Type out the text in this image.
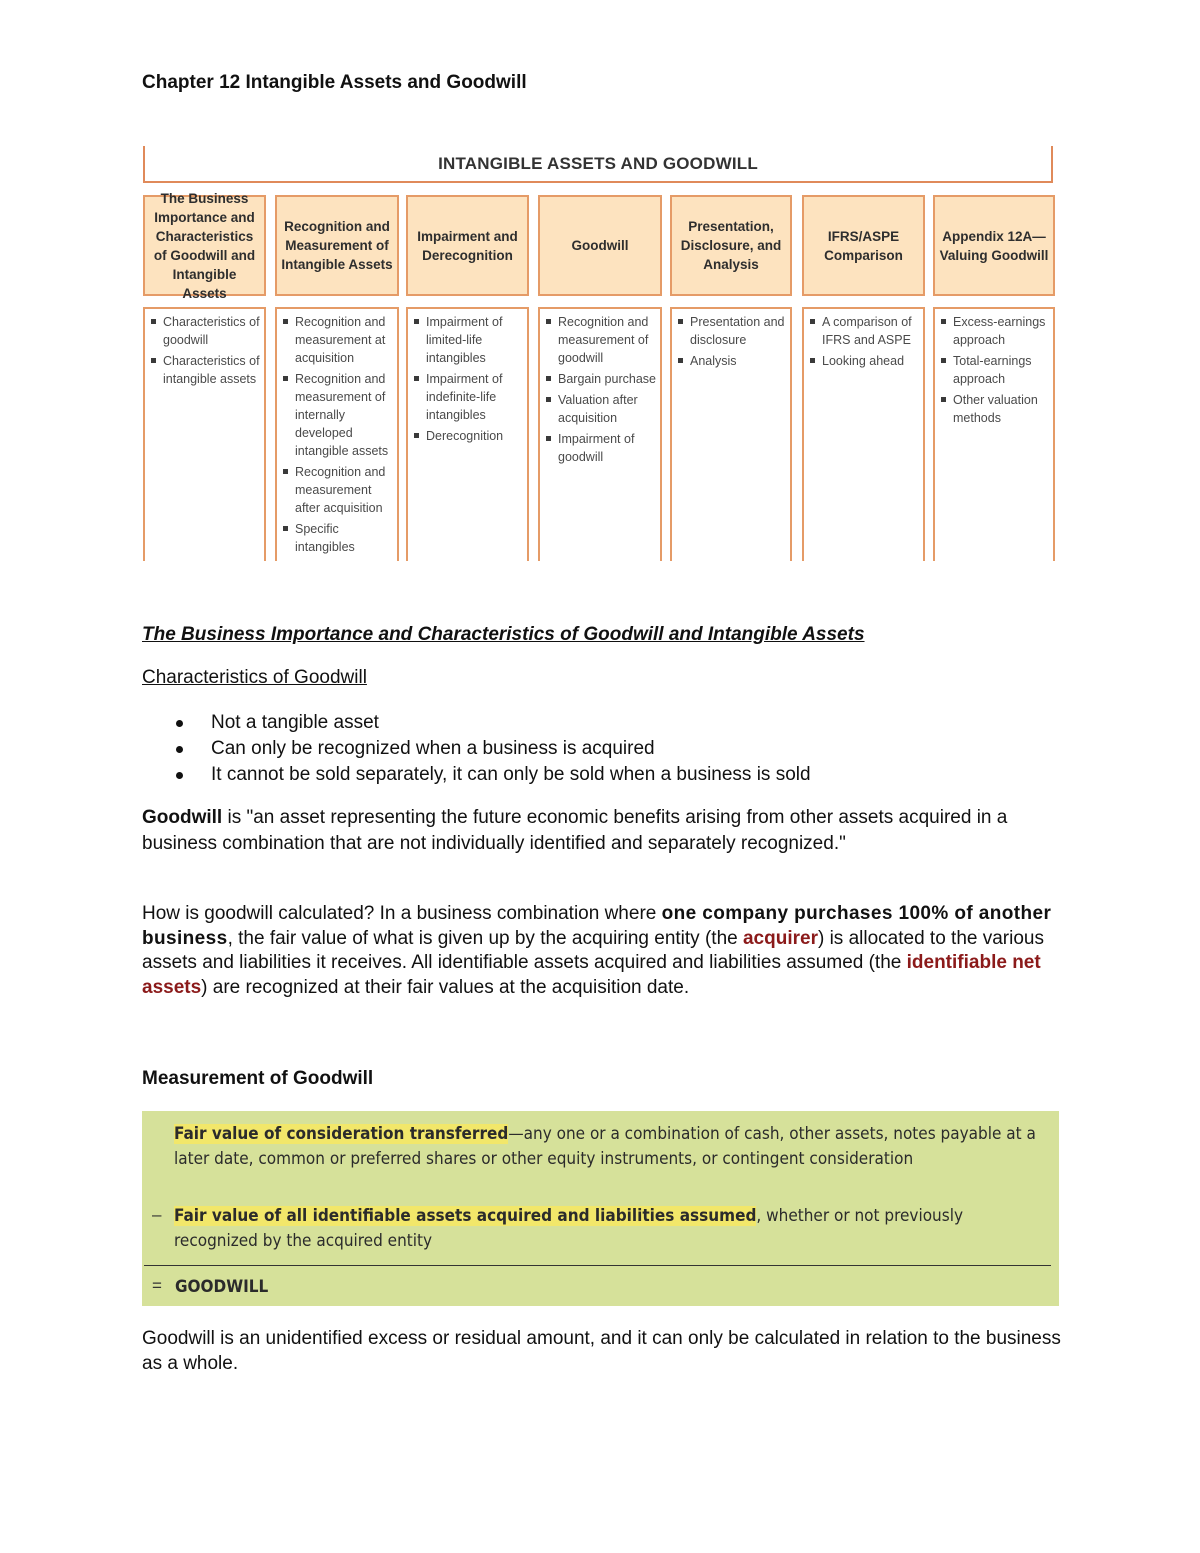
Chapter 12 Intangible Assets and Goodwill
INTANGIBLE ASSETS AND GOODWILL
The Business Importance and Characteristics of Goodwill and Intangible Assets
Characteristics of goodwill
Characteristics of intangible assets
Recognition and Measurement of Intangible Assets
Recognition and measurement at acquisition
Recognition and measurement of internally developed intangible assets
Recognition and measurement after acquisition
Specific intangibles
Impairment and Derecognition
Impairment of limited-life intangibles
Impairment of indefinite-life intangibles
Derecognition
Goodwill
Recognition and measurement of goodwill
Bargain purchase
Valuation after acquisition
Impairment of goodwill
Presentation, Disclosure, and Analysis
Presentation and disclosure
Analysis
IFRS/ASPE Comparison
A comparison of IFRS and ASPE
Looking ahead
Appendix 12A—Valuing Goodwill
Excess-earnings approach
Total-earnings approach
Other valuation methods
The Business Importance and Characteristics of Goodwill and Intangible Assets
Characteristics of Goodwill
Not a tangible asset
Can only be recognized when a business is acquired
It cannot be sold separately, it can only be sold when a business is sold
Goodwill is "an asset representing the future economic benefits arising from other assets acquired in a business combination that are not individually identified and separately recognized."
How is goodwill calculated? In a business combination where one company purchases 100% of another business, the fair value of what is given up by the acquiring entity (the acquirer) is allocated to the various assets and liabilities it receives. All identifiable assets acquired and liabilities assumed (the identifiable net assets) are recognized at their fair values at the acquisition date.
Measurement of Goodwill
Fair value of consideration transferred—any one or a combination of cash, other assets, notes payable at a later date, common or preferred shares or other equity instruments, or contingent consideration
– Fair value of all identifiable assets acquired and liabilities assumed, whether or not previously recognized by the acquired entity
= GOODWILL
Goodwill is an unidentified excess or residual amount, and it can only be calculated in relation to the business as a whole.
